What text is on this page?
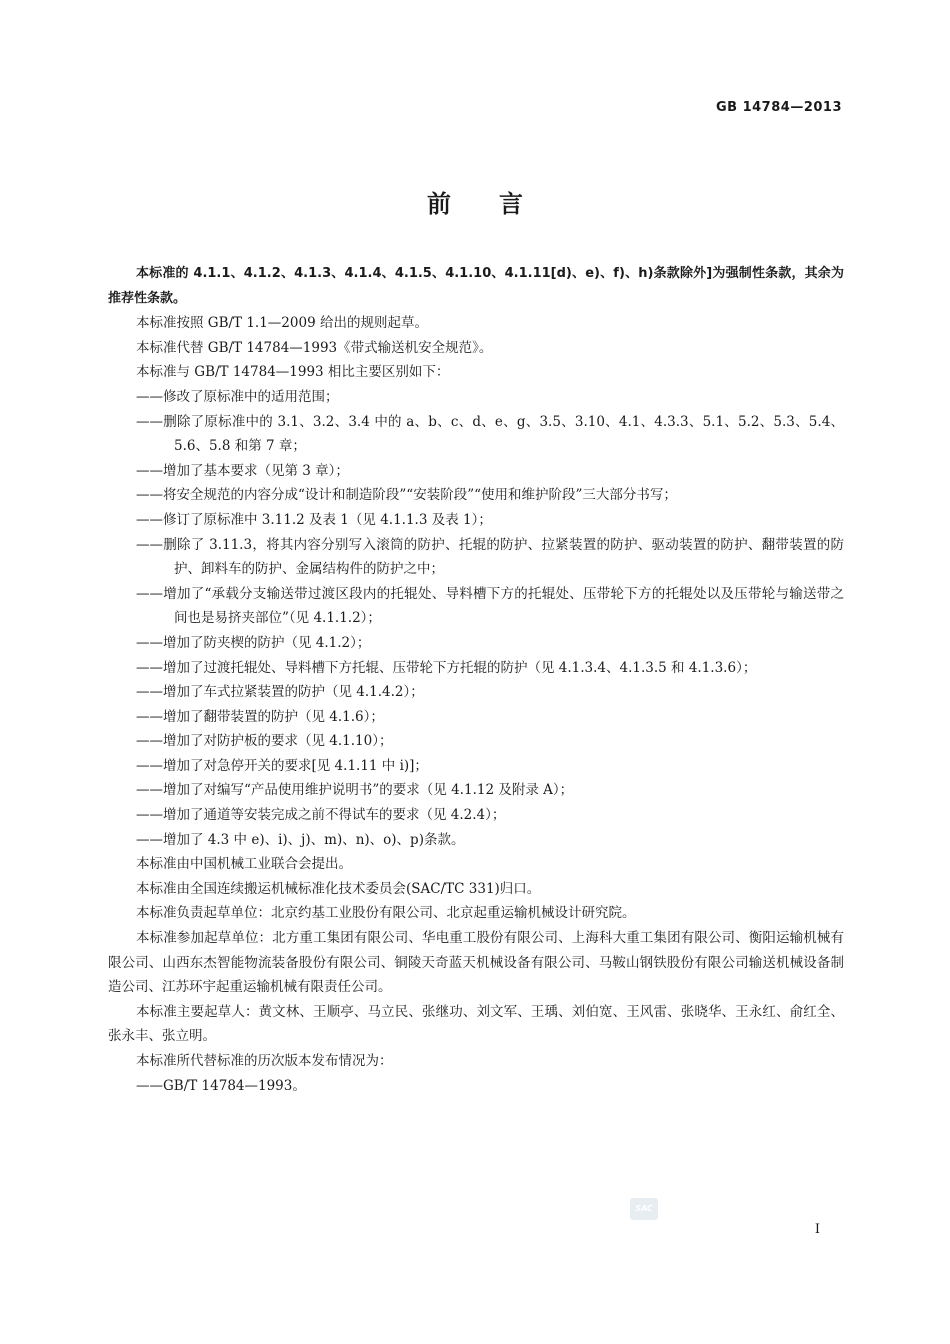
GB 14784—2013
前言

本标准的 4.1.1、4.1.2、4.1.3、4.1.4、4.1.5、4.1.10、4.1.11[d)、e)、f)、h)条款除外]为强制性条款，其余为推荐性条款。

本标准按照 GB/T 1.1—2009 给出的规则起草。

本标准代替 GB/T 14784—1993《带式输送机安全规范》。

本标准与 GB/T 14784—1993 相比主要区别如下：

——修改了原标准中的适用范围；

——删除了原标准中的 3.1、3.2、3.4 中的 a、b、c、d、e、g、3.5、3.10、4.1、4.3.3、5.1、5.2、5.3、5.4、5.6、5.8 和第 7 章；

——增加了基本要求（见第 3 章）；

——将安全规范的内容分成“设计和制造阶段”“安装阶段”“使用和维护阶段”三大部分书写；

——修订了原标准中 3.11.2 及表 1（见 4.1.1.3 及表 1）；

——删除了 3.11.3，将其内容分别写入滚筒的防护、托辊的防护、拉紧装置的防护、驱动装置的防护、翻带装置的防护、卸料车的防护、金属结构件的防护之中；

——增加了“承载分支输送带过渡区段内的托辊处、导料槽下方的托辊处、压带轮下方的托辊处以及压带轮与输送带之间也是易挤夹部位”（见 4.1.1.2）；

——增加了防夹楔的防护（见 4.1.2）；

——增加了过渡托辊处、导料槽下方托辊、压带轮下方托辊的防护（见 4.1.3.4、4.1.3.5 和 4.1.3.6）；

——增加了车式拉紧装置的防护（见 4.1.4.2）；

——增加了翻带装置的防护（见 4.1.6）；

——增加了对防护板的要求（见 4.1.10）；

——增加了对急停开关的要求[见 4.1.11 中 i)]；

——增加了对编写“产品使用维护说明书”的要求（见 4.1.12 及附录 A）；

——增加了通道等安装完成之前不得试车的要求（见 4.2.4）；

——增加了 4.3 中 e)、i)、j)、m)、n)、o)、p)条款。

本标准由中国机械工业联合会提出。

本标准由全国连续搬运机械标准化技术委员会(SAC/TC 331)归口。

本标准负责起草单位：北京约基工业股份有限公司、北京起重运输机械设计研究院。

本标准参加起草单位：北方重工集团有限公司、华电重工股份有限公司、上海科大重工集团有限公司、衡阳运输机械有限公司、山西东杰智能物流装备股份有限公司、铜陵天奇蓝天机械设备有限公司、马鞍山钢铁股份有限公司输送机械设备制造公司、江苏环宇起重运输机械有限责任公司。

本标准主要起草人：黄文林、王顺亭、马立民、张继功、刘文军、王瑀、刘伯宽、王风雷、张晓华、王永红、俞红全、张永丰、张立明。

本标准所代替标准的历次版本发布情况为：

——GB/T 14784—1993。

SAC
I
